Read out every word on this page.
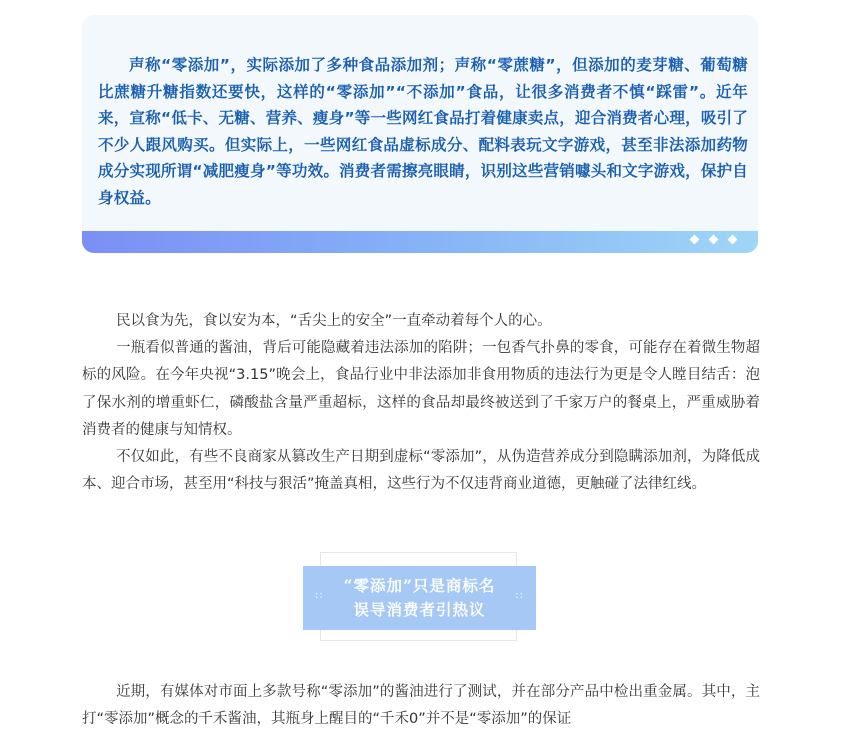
声称“零添加”，实际添加了多种食品添加剂；声称“零蔗糖”，但添加的麦芽糖、葡萄糖比蔗糖升糖指数还要快，这样的“零添加”“不添加”食品，让很多消费者不慎“踩雷”。近年来，宣称“低卡、无糖、营养、瘦身”等一些网红食品打着健康卖点，迎合消费者心理，吸引了不少人跟风购买。但实际上，一些网红食品虚标成分、配料表玩文字游戏，甚至非法添加药物成分实现所谓“减肥瘦身”等功效。消费者需擦亮眼睛，识别这些营销噱头和文字游戏，保护自身权益。

民以食为先，食以安为本，“舌尖上的安全”一直牵动着每个人的心。

一瓶看似普通的酱油，背后可能隐藏着违法添加的陷阱；一包香气扑鼻的零食，可能存在着微生物超标的风险。在今年央视“3.15”晚会上，食品行业中非法添加非食用物质的违法行为更是令人瞠目结舌：泡了保水剂的增重虾仁，磷酸盐含量严重超标，这样的食品却最终被送到了千家万户的餐桌上，严重威胁着消费者的健康与知情权。

不仅如此，有些不良商家从篡改生产日期到虚标“零添加”，从伪造营养成分到隐瞒添加剂，为降低成本、迎合市场，甚至用“科技与狠活”掩盖真相，这些行为不仅违背商业道德，更触碰了法律红线。

“零添加”只是商标名
误导消费者引热议
::	::

近期，有媒体对市面上多款号称“零添加”的酱油进行了测试，并在部分产品中检出重金属。其中，主打“零添加”概念的千禾酱油，其瓶身上醒目的“千禾0”并不是“零添加”的保证
